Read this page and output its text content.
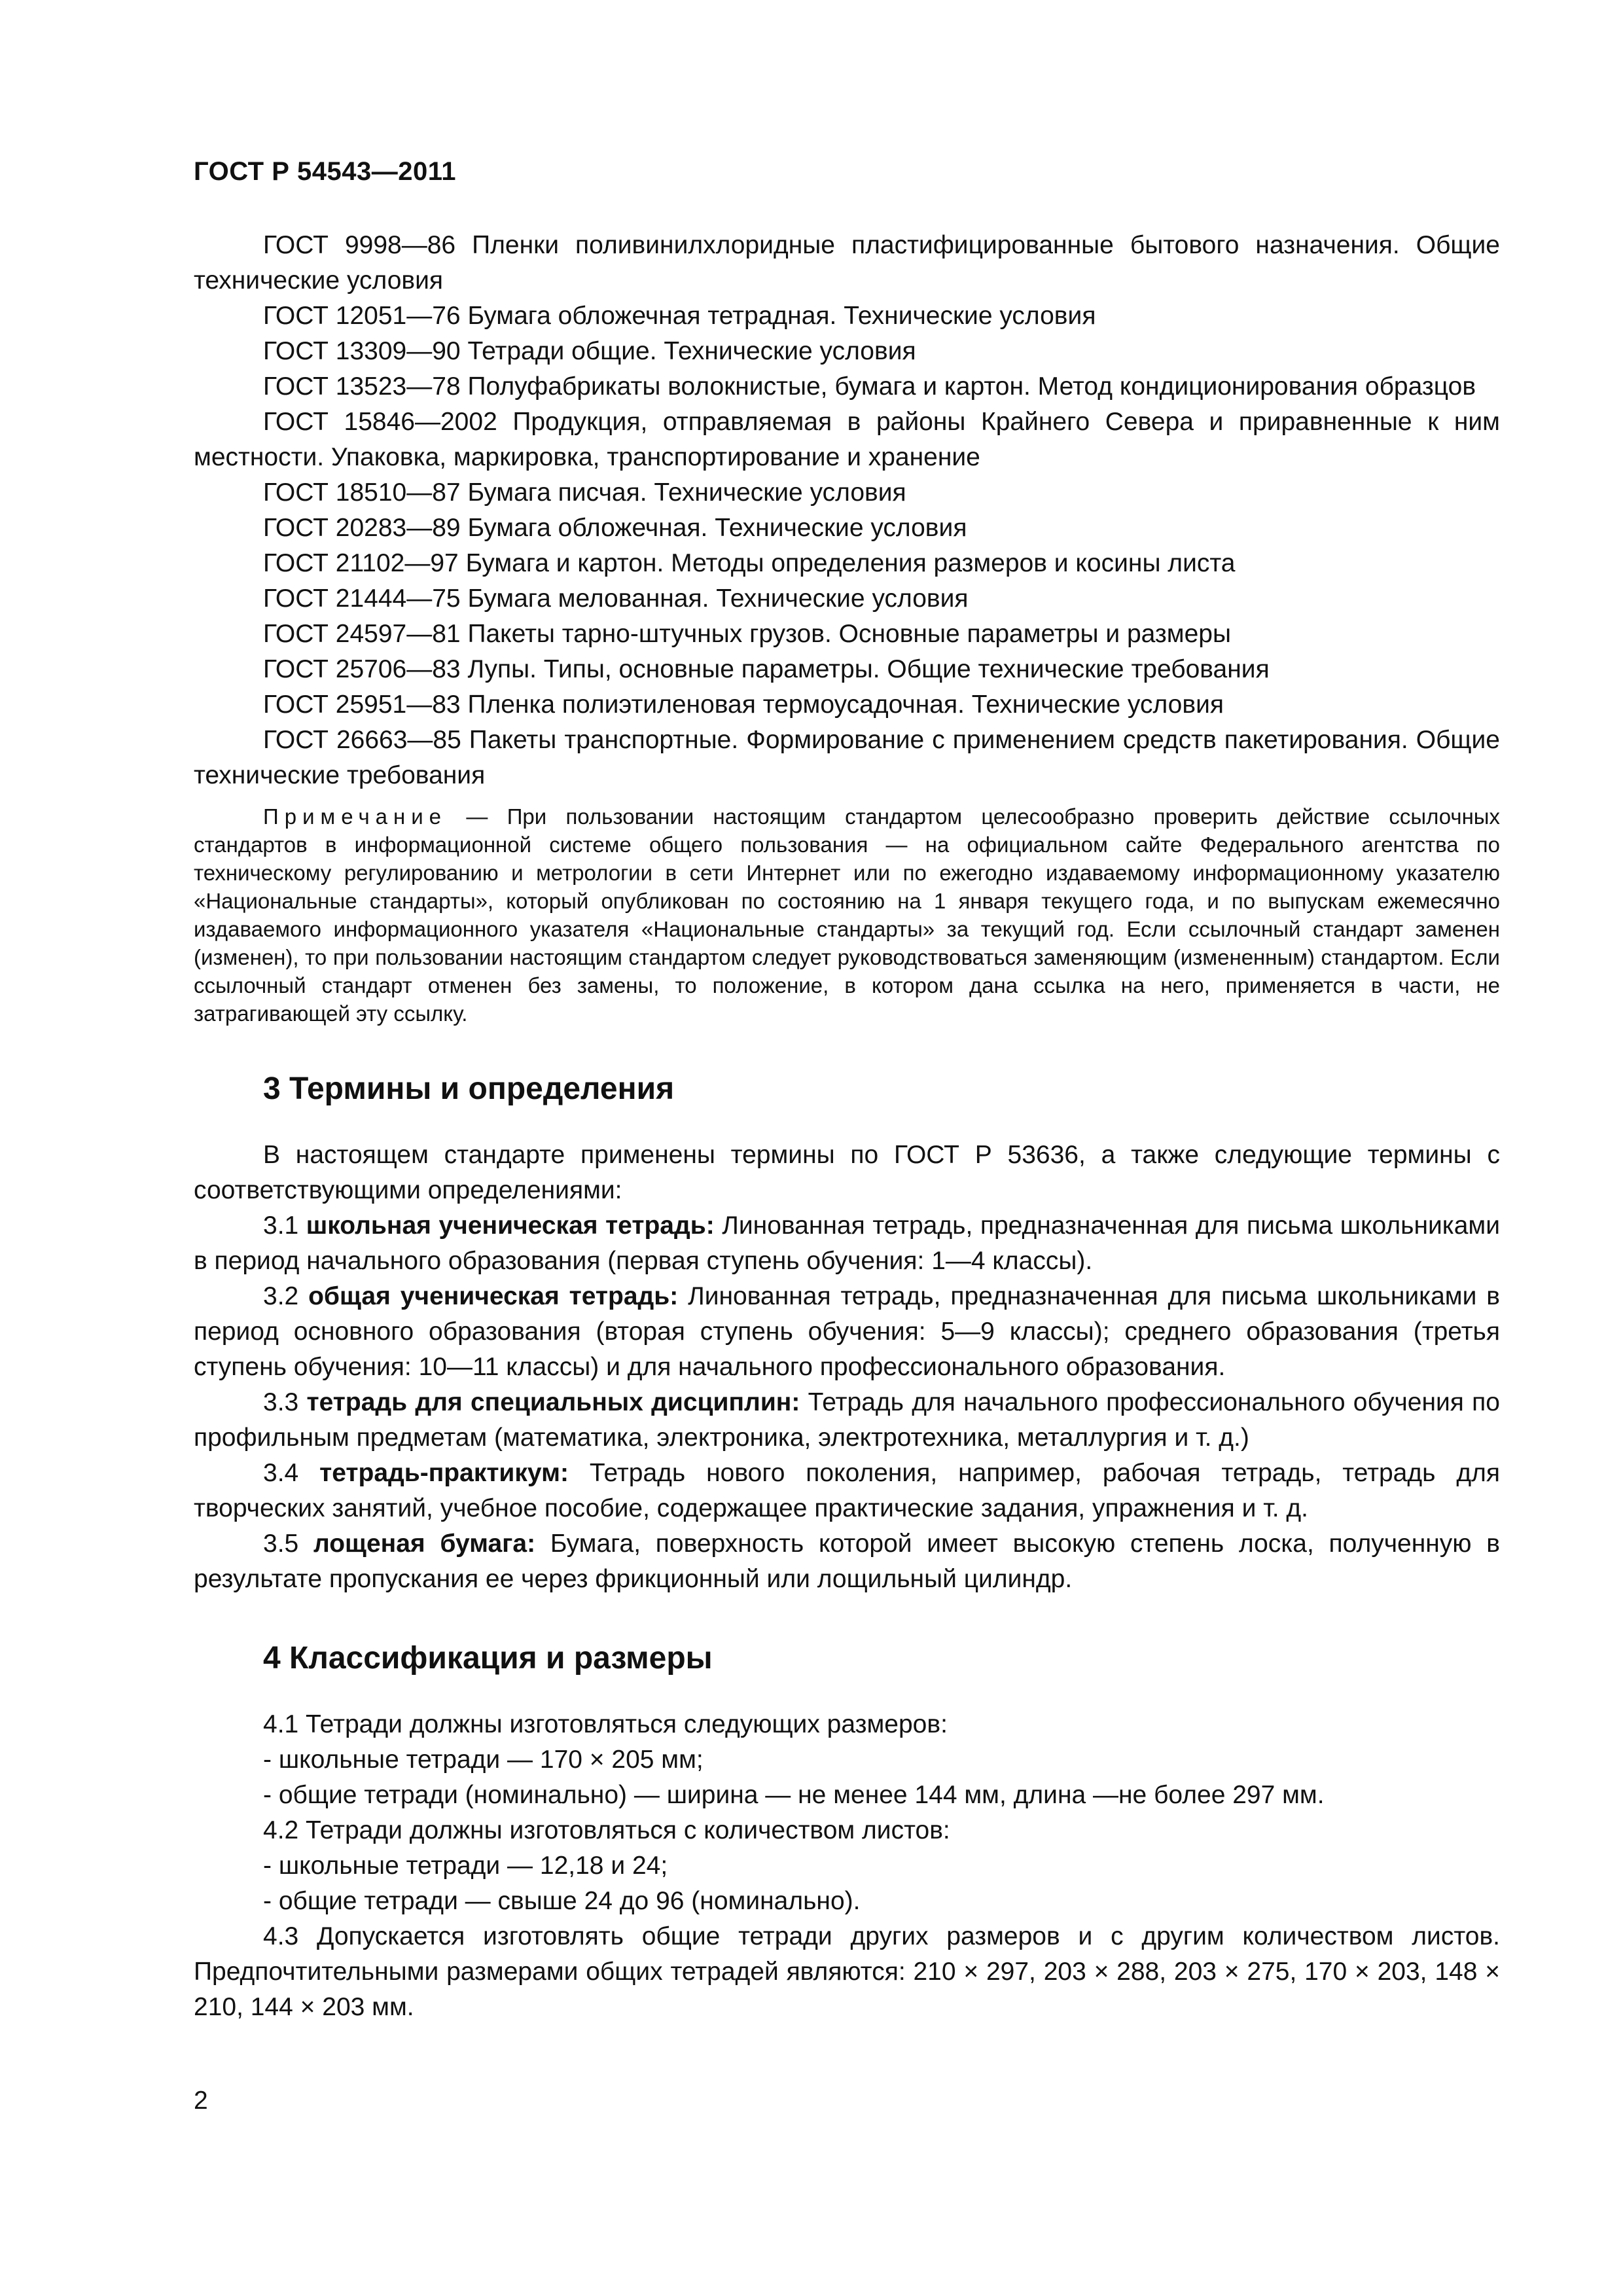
ГОСТ Р 54543—2011

ГОСТ 9998—86 Пленки поливинилхлоридные пластифицированные бытового назначения. Общие технические условия

ГОСТ 12051—76 Бумага обложечная тетрадная. Технические условия

ГОСТ 13309—90 Тетради общие. Технические условия

ГОСТ 13523—78 Полуфабрикаты волокнистые, бумага и картон. Метод кондиционирования образцов

ГОСТ 15846—2002 Продукция, отправляемая в районы Крайнего Севера и приравненные к ним местности. Упаковка, маркировка, транспортирование и хранение

ГОСТ 18510—87 Бумага писчая. Технические условия

ГОСТ 20283—89 Бумага обложечная. Технические условия

ГОСТ 21102—97 Бумага и картон. Методы определения размеров и косины листа

ГОСТ 21444—75 Бумага мелованная. Технические условия

ГОСТ 24597—81 Пакеты тарно-штучных грузов. Основные параметры и размеры

ГОСТ 25706—83 Лупы. Типы, основные параметры. Общие технические требования

ГОСТ 25951—83 Пленка полиэтиленовая термоусадочная. Технические условия

ГОСТ 26663—85 Пакеты транспортные. Формирование с применением средств пакетирования. Общие технические требования

Примечание — При пользовании настоящим стандартом целесообразно проверить действие ссылочных стандартов в информационной системе общего пользования — на официальном сайте Федерального агентства по техническому регулированию и метрологии в сети Интернет или по ежегодно издаваемому информационному указателю «Национальные стандарты», который опубликован по состоянию на 1 января текущего года, и по выпускам ежемесячно издаваемого информационного указателя «Национальные стандарты» за текущий год. Если ссылочный стандарт заменен (изменен), то при пользовании настоящим стандартом следует руководствоваться заменяющим (измененным) стандартом. Если ссылочный стандарт отменен без замены, то положение, в котором дана ссылка на него, применяется в части, не затрагивающей эту ссылку.

3 Термины и определения

В настоящем стандарте применены термины по ГОСТ Р 53636, а также следующие термины с соответствующими определениями:

3.1 школьная ученическая тетрадь: Линованная тетрадь, предназначенная для письма школьниками в период начального образования (первая ступень обучения: 1—4 классы).

3.2 общая ученическая тетрадь: Линованная тетрадь, предназначенная для письма школьниками в период основного образования (вторая ступень обучения: 5—9 классы); среднего образования (третья ступень обучения: 10—11 классы) и для начального профессионального образования.

3.3 тетрадь для специальных дисциплин: Тетрадь для начального профессионального обучения по профильным предметам (математика, электроника, электротехника, металлургия и т. д.)

3.4 тетрадь-практикум: Тетрадь нового поколения, например, рабочая тетрадь, тетрадь для творческих занятий, учебное пособие, содержащее практические задания, упражнения и т. д.

3.5 лощеная бумага: Бумага, поверхность которой имеет высокую степень лоска, полученную в результате пропускания ее через фрикционный или лощильный цилиндр.

4 Классификация и размеры

4.1 Тетради должны изготовляться следующих размеров:

- школьные тетради — 170 × 205 мм;

- общие тетради (номинально) — ширина — не менее 144 мм, длина —не более 297 мм.

4.2 Тетради должны изготовляться с количеством листов:

- школьные тетради — 12,18 и 24;

- общие тетради — свыше 24 до 96 (номинально).

4.3 Допускается изготовлять общие тетради других размеров и с другим количеством листов. Предпочтительными размерами общих тетрадей являются: 210 × 297, 203 × 288, 203 × 275, 170 × 203, 148 × 210, 144 × 203 мм.

2
